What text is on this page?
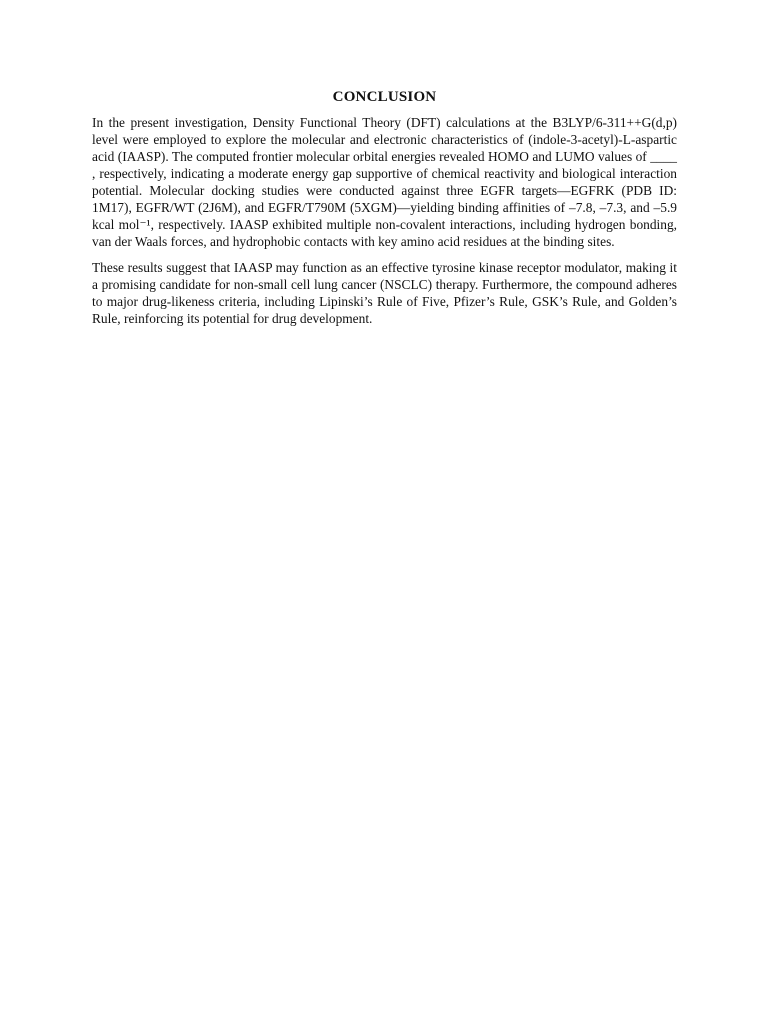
CONCLUSION

In the present investigation, Density Functional Theory (DFT) calculations at the B3LYP/6-311++G(d,p) level were employed to explore the molecular and electronic characteristics of (indole-3-acetyl)-L-aspartic acid (IAASP). The computed frontier molecular orbital energies revealed HOMO and LUMO values of ____ , respectively, indicating a moderate energy gap supportive of chemical reactivity and biological interaction potential. Molecular docking studies were conducted against three EGFR targets—EGFRK (PDB ID: 1M17), EGFR/WT (2J6M), and EGFR/T790M (5XGM)—yielding binding affinities of –7.8, –7.3, and –5.9 kcal mol⁻¹, respectively. IAASP exhibited multiple non-covalent interactions, including hydrogen bonding, van der Waals forces, and hydrophobic contacts with key amino acid residues at the binding sites.

These results suggest that IAASP may function as an effective tyrosine kinase receptor modulator, making it a promising candidate for non-small cell lung cancer (NSCLC) therapy. Furthermore, the compound adheres to major drug-likeness criteria, including Lipinski’s Rule of Five, Pfizer’s Rule, GSK’s Rule, and Golden’s Rule, reinforcing its potential for drug development.
